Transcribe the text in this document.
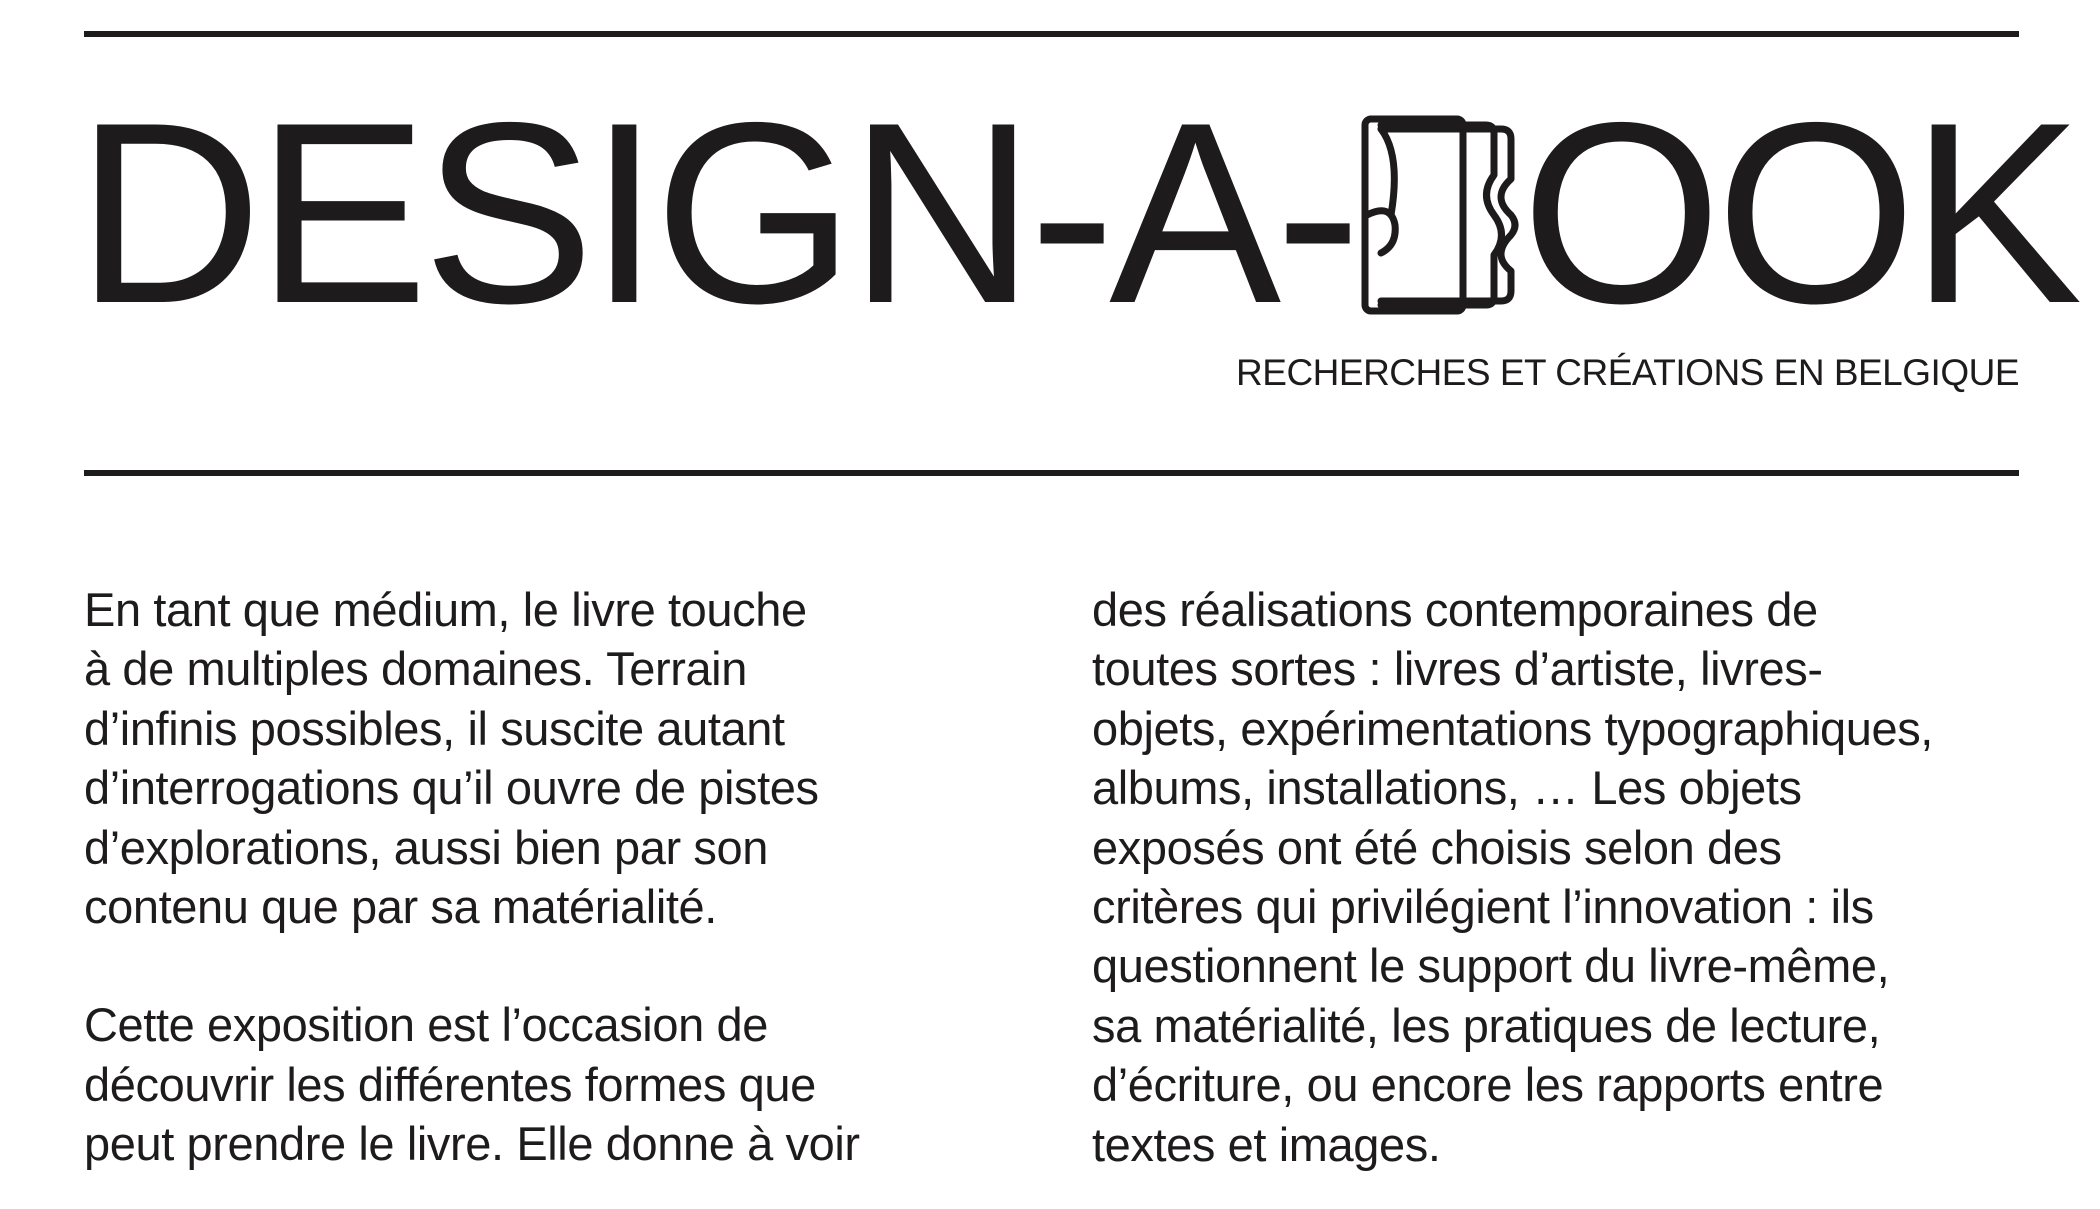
DESIGN-A- OOK
RECHERCHES ET CRÉATIONS EN BELGIQUE

En tant que médium, le livre touche
à de multiples domaines. Terrain
d’infinis possibles, il suscite autant
d’interrogations qu’il ouvre de pistes
d’explorations, aussi bien par son
contenu que par sa matérialité.

Cette exposition est l’occasion de
découvrir les différentes formes que
peut prendre le livre. Elle donne à voir

des réalisations contemporaines de
toutes sortes : livres d’artiste, livres-
objets, expérimentations typographiques,
albums, installations, … Les objets
exposés ont été choisis selon des
critères qui privilégient l’innovation : ils
questionnent le support du livre-même,
sa matérialité, les pratiques de lecture,
d’écriture, ou encore les rapports entre
textes et images.
